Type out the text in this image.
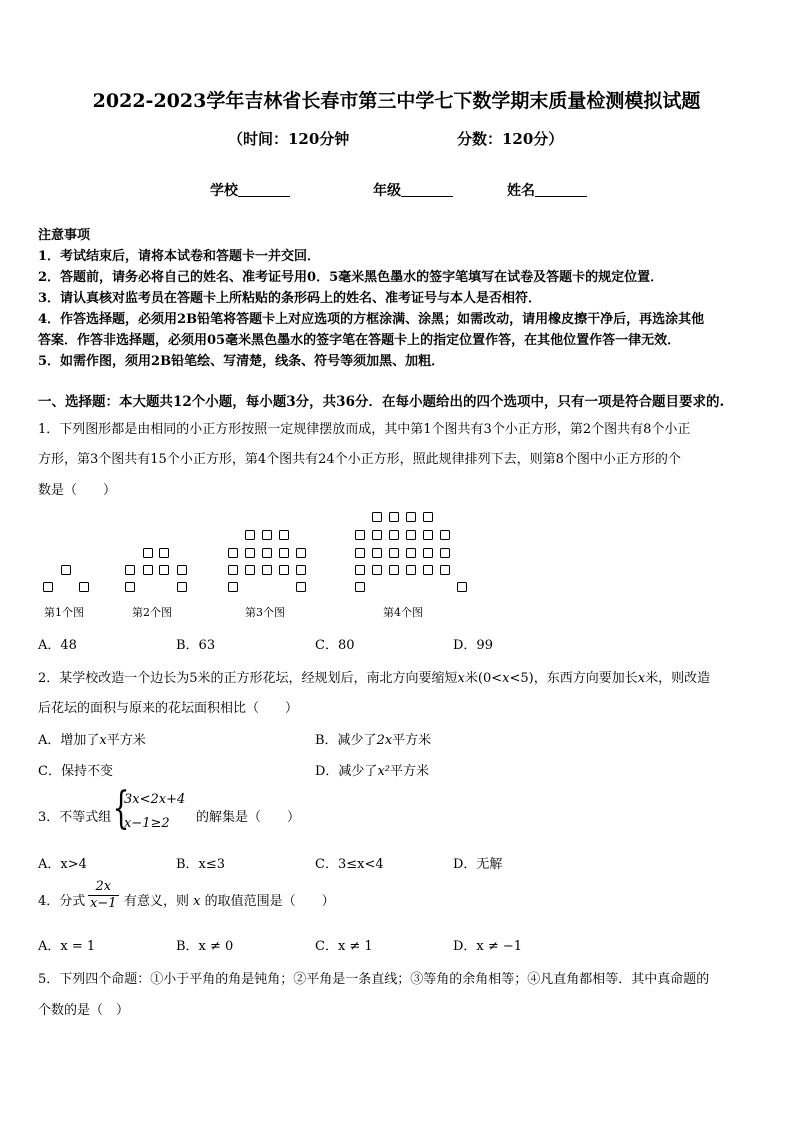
2022-2023学年吉林省长春市第三中学七下数学期末质量检测模拟试题
（时间：120分钟	分数：120分）
学校	年级	姓名
注意事项
1．考试结束后，请将本试卷和答题卡一并交回．
2．答题前，请务必将自己的姓名、准考证号用0．5毫米黑色墨水的签字笔填写在试卷及答题卡的规定位置．
3．请认真核对监考员在答题卡上所粘贴的条形码上的姓名、准考证号与本人是否相符．
4．作答选择题，必须用2B铅笔将答题卡上对应选项的方框涂满、涂黑；如需改动，请用橡皮擦干净后，再选涂其他
答案．作答非选择题，必须用05毫米黑色墨水的签字笔在答题卡上的指定位置作答，在其他位置作答一律无效．
5．如需作图，须用2B铅笔绘、写清楚，线条、符号等须加黑、加粗．
一、选择题：本大题共12个小题，每小题3分，共36分．在每小题给出的四个选项中，只有一项是符合题目要求的.
1．下列图形都是由相同的小正方形按照一定规律摆放而成，其中第1个图共有3个小正方形，第2个图共有8个小正
方形，第3个图共有15个小正方形，第4个图共有24个小正方形，照此规律排列下去，则第8个图中小正方形的个
数是（　　）
第1个图	第2个图	第3个图	第4个图
A．48	B．63	C．80	D．99
2．某学校改造一个边长为5米的正方形花坛，经规划后，南北方向要缩短x米(0<x<5)，东西方向要加长x米，则改造
后花坛的面积与原来的花坛面积相比（　　）
A．增加了x平方米	B．减少了2x平方米
C．保持不变	D．减少了x²平方米
3．不等式组 {
3x<2x+4
x−1≥2 的解集是（　　）
A．x>4	B．x≤3	C．3≤x<4	D．无解
4．分式 $\frac{2x}{x-1}$ 有意义，则 x 的取值范围是（　　）
A．x = 1	B．x ≠ 0	C．x ≠ 1	D．x ≠ −1
5．下列四个命题：①小于平角的角是钝角；②平角是一条直线；③等角的余角相等；④凡直角都相等．其中真命题的
个数的是（　）
